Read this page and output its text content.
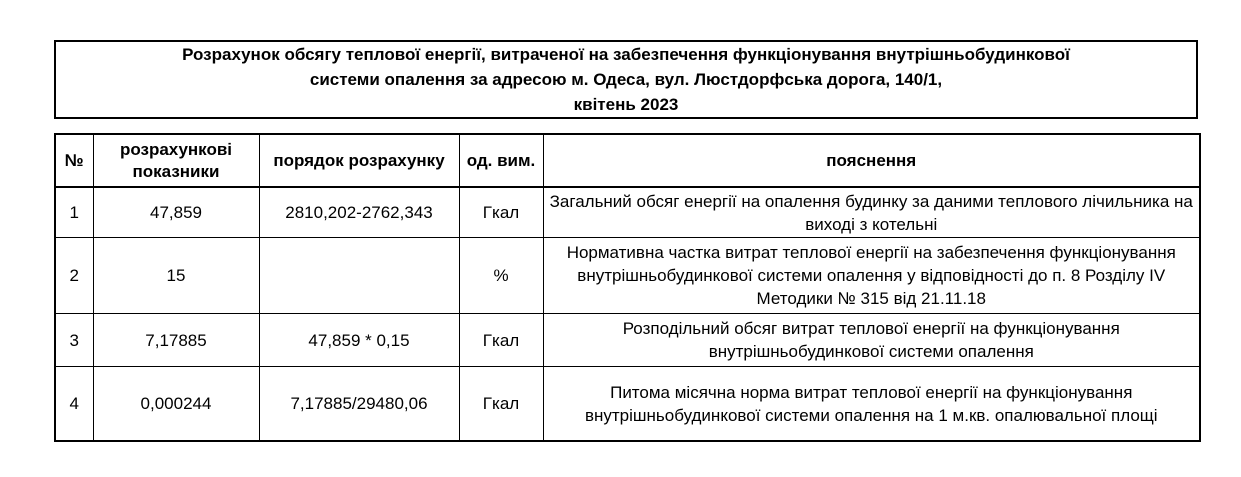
Розрахунок обсягу теплової енергії, витраченої на забезпечення функціонування внутрішньобудинкової
системи опалення за адресою м. Одеса, вул. Люстдорфська дорога, 140/1,
квітень 2023
№	розрахункові показники	порядок розрахунку	од. вим.	пояснення
1	47,859	2810,202-2762,343	Гкал	Загальний обсяг енергії на опалення будинку за даними теплового лічильника на виході з котельні
2	15		%	Нормативна частка витрат теплової енергії на забезпечення функціонування внутрішньобудинкової системи опалення у відповідності до п. 8 Розділу IV Методики № 315 від 21.11.18
3	7,17885	47,859 * 0,15	Гкал	Розподільний обсяг витрат теплової енергії на функціонування внутрішньобудинкової системи опалення
4	0,000244	7,17885/29480,06	Гкал	Питома місячна норма витрат теплової енергії на функціонування внутрішньобудинкової системи опалення на 1 м.кв. опалювальної площі
